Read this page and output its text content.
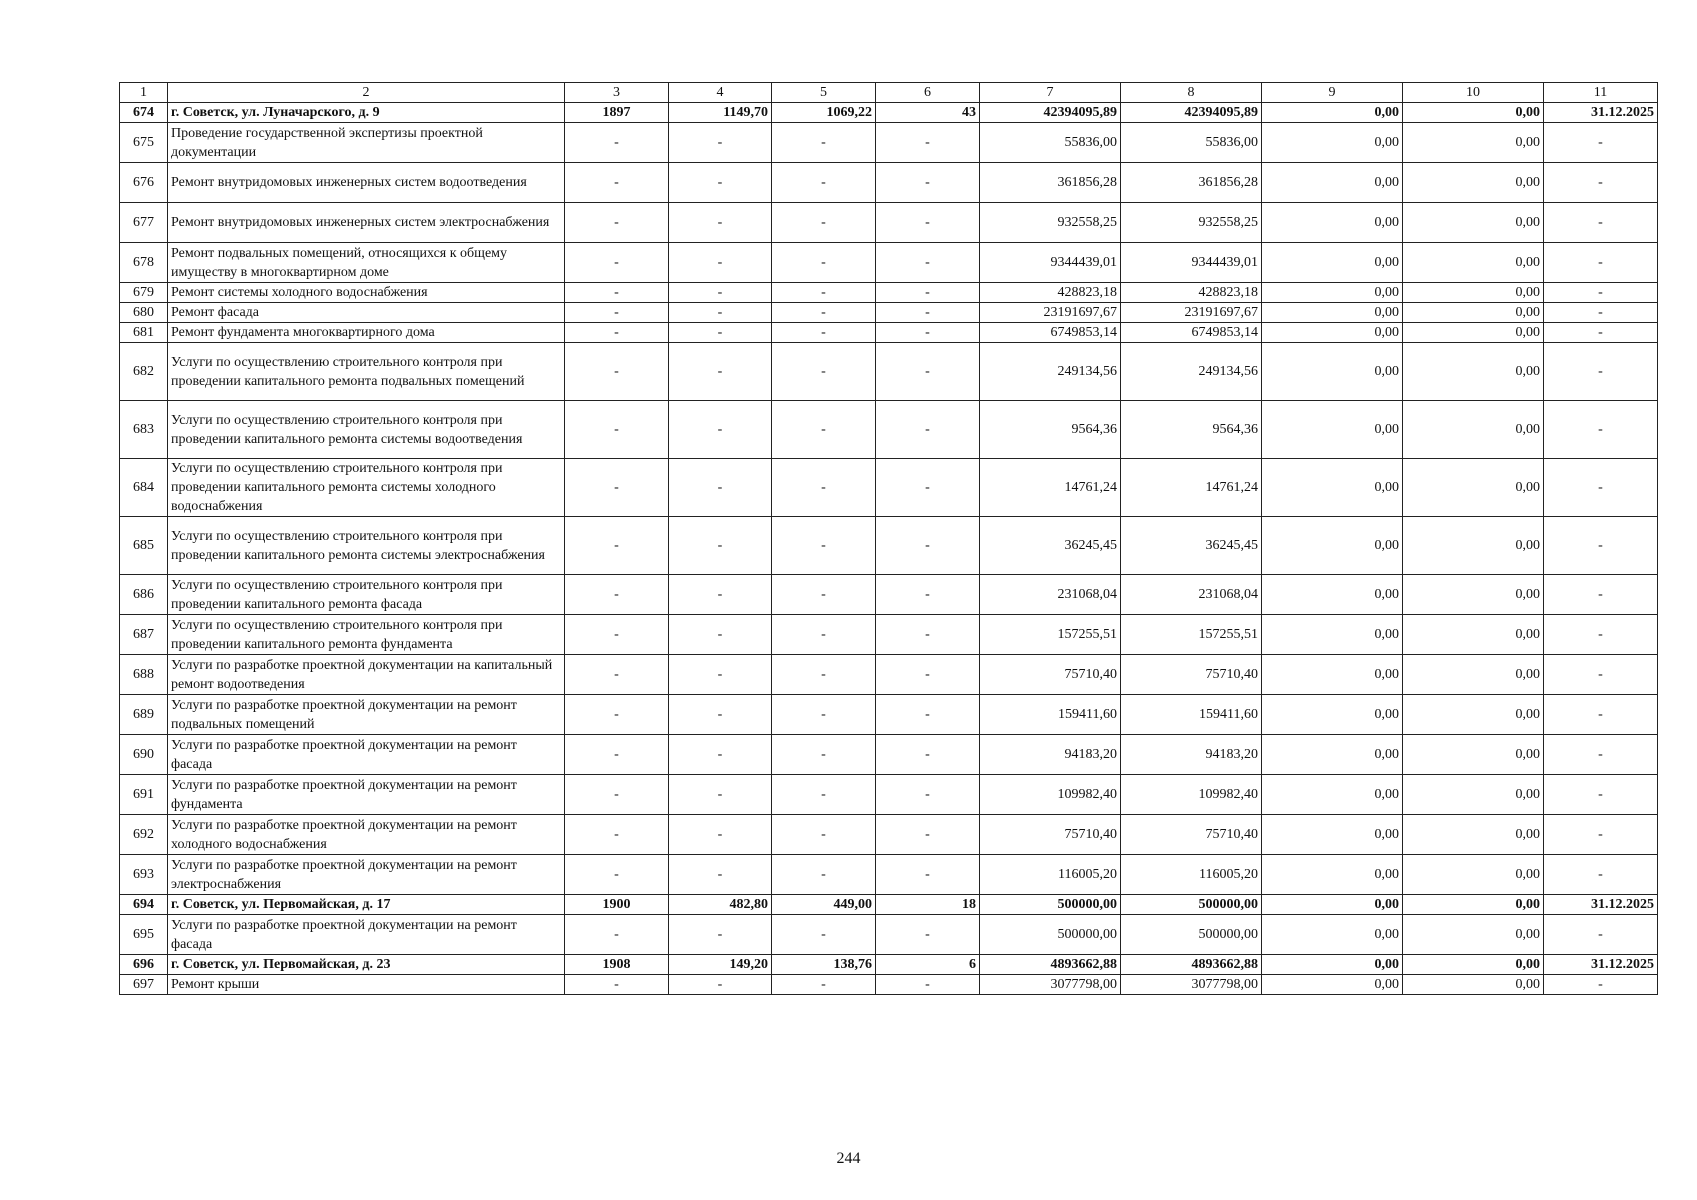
1	2	3	4	5	6	7	8	9	10	11
674	г. Советск, ул. Луначарского, д. 9	1897	1149,70	1069,22	43	42394095,89	42394095,89	0,00	0,00	31.12.2025
675	Проведение государственной экспертизы проектной документации	-	-	-	-	55836,00	55836,00	0,00	0,00	-
676	Ремонт внутридомовых инженерных систем водоотведения	-	-	-	-	361856,28	361856,28	0,00	0,00	-
677	Ремонт внутридомовых инженерных систем электроснабжения	-	-	-	-	932558,25	932558,25	0,00	0,00	-
678	Ремонт подвальных помещений, относящихся к общему имуществу в многоквартирном доме	-	-	-	-	9344439,01	9344439,01	0,00	0,00	-
679	Ремонт системы холодного водоснабжения	-	-	-	-	428823,18	428823,18	0,00	0,00	-
680	Ремонт фасада	-	-	-	-	23191697,67	23191697,67	0,00	0,00	-
681	Ремонт фундамента многоквартирного дома	-	-	-	-	6749853,14	6749853,14	0,00	0,00	-
682	Услуги по осуществлению строительного контроля при проведении капитального ремонта подвальных помещений	-	-	-	-	249134,56	249134,56	0,00	0,00	-
683	Услуги по осуществлению строительного контроля при проведении капитального ремонта системы водоотведения	-	-	-	-	9564,36	9564,36	0,00	0,00	-
684	Услуги по осуществлению строительного контроля при проведении капитального ремонта системы холодного водоснабжения	-	-	-	-	14761,24	14761,24	0,00	0,00	-
685	Услуги по осуществлению строительного контроля при проведении капитального ремонта системы электроснабжения	-	-	-	-	36245,45	36245,45	0,00	0,00	-
686	Услуги по осуществлению строительного контроля при проведении капитального ремонта фасада	-	-	-	-	231068,04	231068,04	0,00	0,00	-
687	Услуги по осуществлению строительного контроля при проведении капитального ремонта фундамента	-	-	-	-	157255,51	157255,51	0,00	0,00	-
688	Услуги по разработке проектной документации на капитальный ремонт водоотведения	-	-	-	-	75710,40	75710,40	0,00	0,00	-
689	Услуги по разработке проектной документации на ремонт подвальных помещений	-	-	-	-	159411,60	159411,60	0,00	0,00	-
690	Услуги по разработке проектной документации на ремонт фасада	-	-	-	-	94183,20	94183,20	0,00	0,00	-
691	Услуги по разработке проектной документации на ремонт фундамента	-	-	-	-	109982,40	109982,40	0,00	0,00	-
692	Услуги по разработке проектной документации на ремонт холодного водоснабжения	-	-	-	-	75710,40	75710,40	0,00	0,00	-
693	Услуги по разработке проектной документации на ремонт электроснабжения	-	-	-	-	116005,20	116005,20	0,00	0,00	-
694	г. Советск, ул. Первомайская, д. 17	1900	482,80	449,00	18	500000,00	500000,00	0,00	0,00	31.12.2025
695	Услуги по разработке проектной документации на ремонт фасада	-	-	-	-	500000,00	500000,00	0,00	0,00	-
696	г. Советск, ул. Первомайская, д. 23	1908	149,20	138,76	6	4893662,88	4893662,88	0,00	0,00	31.12.2025
697	Ремонт крыши	-	-	-	-	3077798,00	3077798,00	0,00	0,00	-
244
